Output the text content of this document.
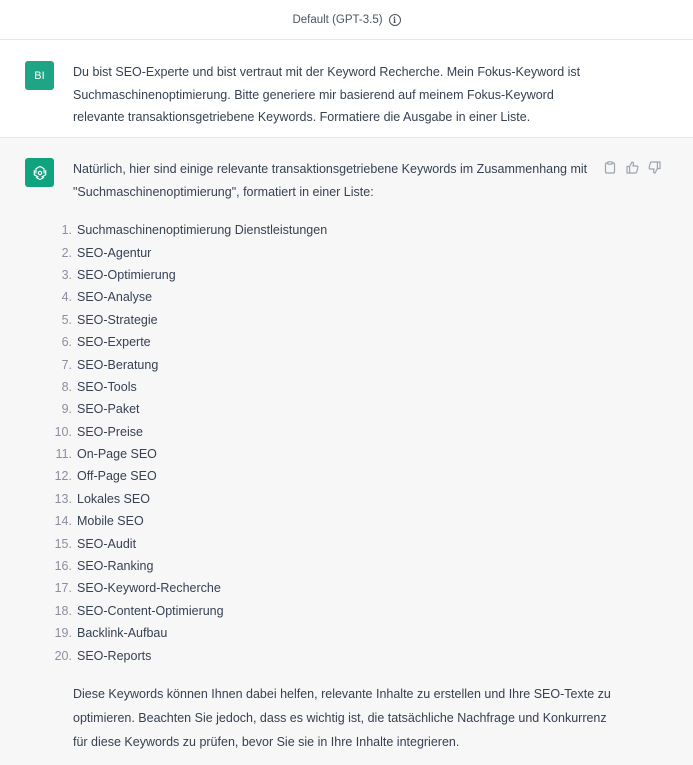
Default (GPT-3.5)	i
BI	Du bist SEO-Experte und bist vertraut mit der Keyword Recherche. Mein Fokus-Keyword ist Suchmaschinenoptimierung. Bitte generiere mir basierend auf meinem Fokus-Keyword relevante transaktionsgetriebene Keywords. Formatiere die Ausgabe in einer Liste.
Natürlich, hier sind einige relevante transaktionsgetriebene Keywords im Zusammenhang mit "Suchmaschinenoptimierung", formatiert in einer Liste:
1. Suchmaschinenoptimierung Dienstleistungen
2. SEO-Agentur
3. SEO-Optimierung
4. SEO-Analyse
5. SEO-Strategie
6. SEO-Experte
7. SEO-Beratung
8. SEO-Tools
9. SEO-Paket
10. SEO-Preise
11. On-Page SEO
12. Off-Page SEO
13. Lokales SEO
14. Mobile SEO
15. SEO-Audit
16. SEO-Ranking
17. SEO-Keyword-Recherche
18. SEO-Content-Optimierung
19. Backlink-Aufbau
20. SEO-Reports
Diese Keywords können Ihnen dabei helfen, relevante Inhalte zu erstellen und Ihre SEO-Texte zu optimieren. Beachten Sie jedoch, dass es wichtig ist, die tatsächliche Nachfrage und Konkurrenz für diese Keywords zu prüfen, bevor Sie sie in Ihre Inhalte integrieren.
